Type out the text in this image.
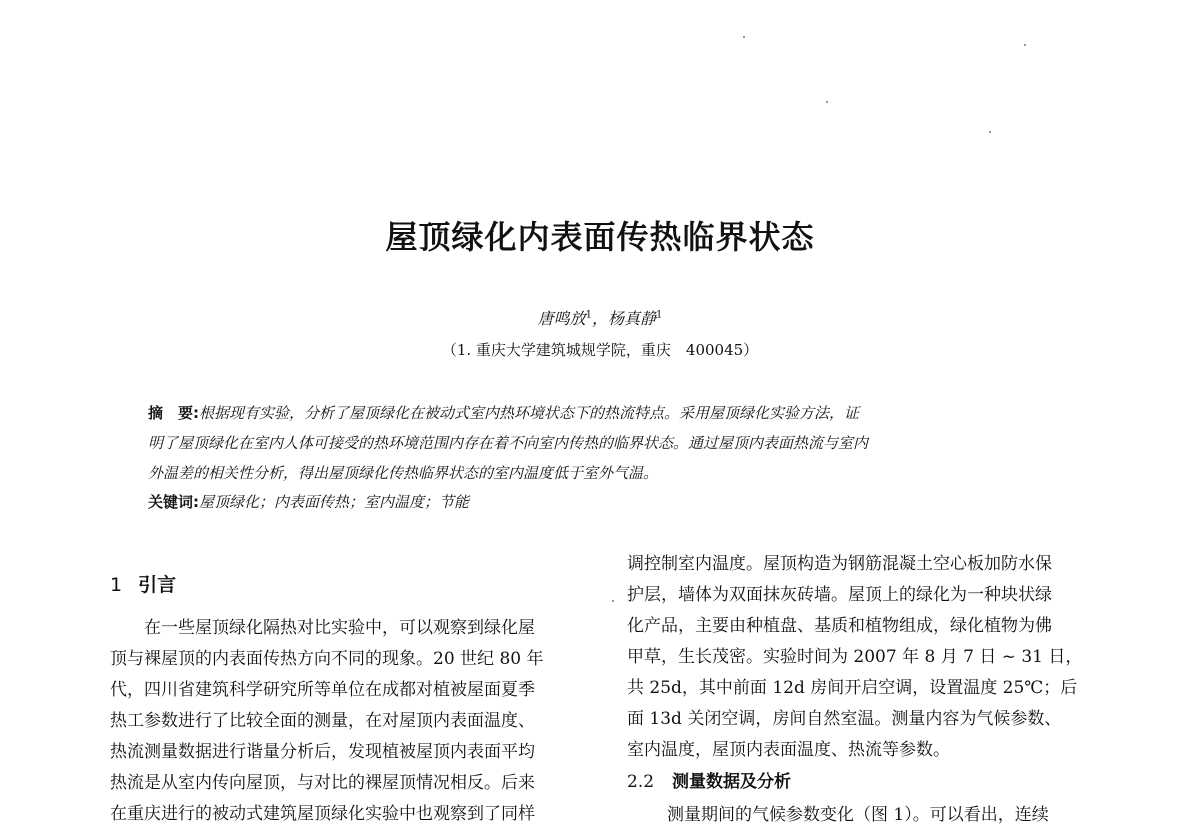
屋顶绿化内表面传热临界状态
唐鸣放$^1$，杨真静$^1$
（1. 重庆大学建筑城规学院，重庆　400045）
摘　要:根据现有实验，分析了屋顶绿化在被动式室内热环境状态下的热流特点。采用屋顶绿化实验方法，证
明了屋顶绿化在室内人体可接受的热环境范围内存在着不向室内传热的临界状态。通过屋顶内表面热流与室内
外温差的相关性分析，得出屋顶绿化传热临界状态的室内温度低于室外气温。
关键词:屋顶绿化；内表面传热；室内温度；节能
1 引言
　　在一些屋顶绿化隔热对比实验中，可以观察到绿化屋
顶与裸屋顶的内表面传热方向不同的现象。20 世纪 80 年
代，四川省建筑科学研究所等单位在成都对植被屋面夏季
热工参数进行了比较全面的测量，在对屋顶内表面温度、
热流测量数据进行谐量分析后，发现植被屋顶内表面平均
热流是从室内传向屋顶，与对比的裸屋顶情况相反。后来
在重庆进行的被动式建筑屋顶绿化实验中也观察到了同样
调控制室内温度。屋顶构造为钢筋混凝土空心板加防水保
护层，墙体为双面抹灰砖墙。屋顶上的绿化为一种块状绿
化产品，主要由种植盘、基质和植物组成，绿化植物为佛
甲草，生长茂密。实验时间为 2007 年 8 月 7 日 ~ 31 日，
共 25d，其中前面 12d 房间开启空调，设置温度 25℃；后
面 13d 关闭空调，房间自然室温。测量内容为气候参数、
室内温度，屋顶内表面温度、热流等参数。
2.2 测量数据及分析
测量期间的气候参数变化（图 1）。可以看出，连续
